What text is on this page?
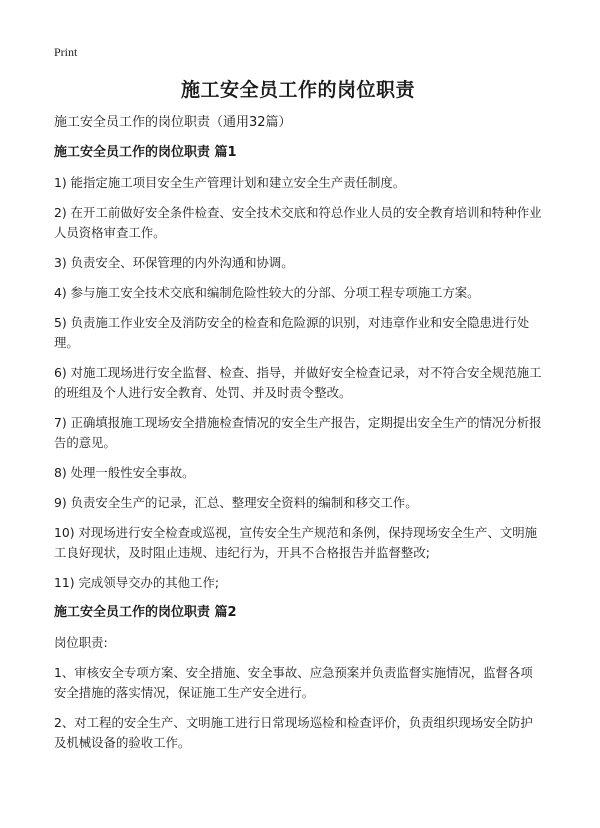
Print
施工安全员工作的岗位职责
施工安全员工作的岗位职责（通用32篇）
施工安全员工作的岗位职责 篇1
1) 能指定施工项目安全生产管理计划和建立安全生产责任制度。
2) 在开工前做好安全条件检查、安全技术交底和符总作业人员的安全教育培训和特种作业人员资格审查工作。
3) 负责安全、环保管理的内外沟通和协调。
4) 参与施工安全技术交底和编制危险性较大的分部、分项工程专项施工方案。
5) 负责施工作业安全及消防安全的检查和危险源的识别，对违章作业和安全隐患进行处理。
6) 对施工现场进行安全监督、检查、指导，并做好安全检查记录，对不符合安全规范施工的班组及个人进行安全教育、处罚、并及时责令整改。
7) 正确填报施工现场安全措施检查情况的安全生产报告，定期提出安全生产的情况分析报告的意见。
8) 处理一般性安全事故。
9) 负责安全生产的记录，汇总、整理安全资料的编制和移交工作。
10) 对现场进行安全检查或巡视，宣传安全生产规范和条例，保持现场安全生产、文明施工良好现状，及时阻止违规、违纪行为，开具不合格报告并监督整改;
11) 完成领导交办的其他工作;
施工安全员工作的岗位职责 篇2
岗位职责:
1、审核安全专项方案、安全措施、安全事故、应急预案并负责监督实施情况，监督各项安全措施的落实情况，保证施工生产安全进行。
2、对工程的安全生产、文明施工进行日常现场巡检和检查评价，负责组织现场安全防护及机械设备的验收工作。
